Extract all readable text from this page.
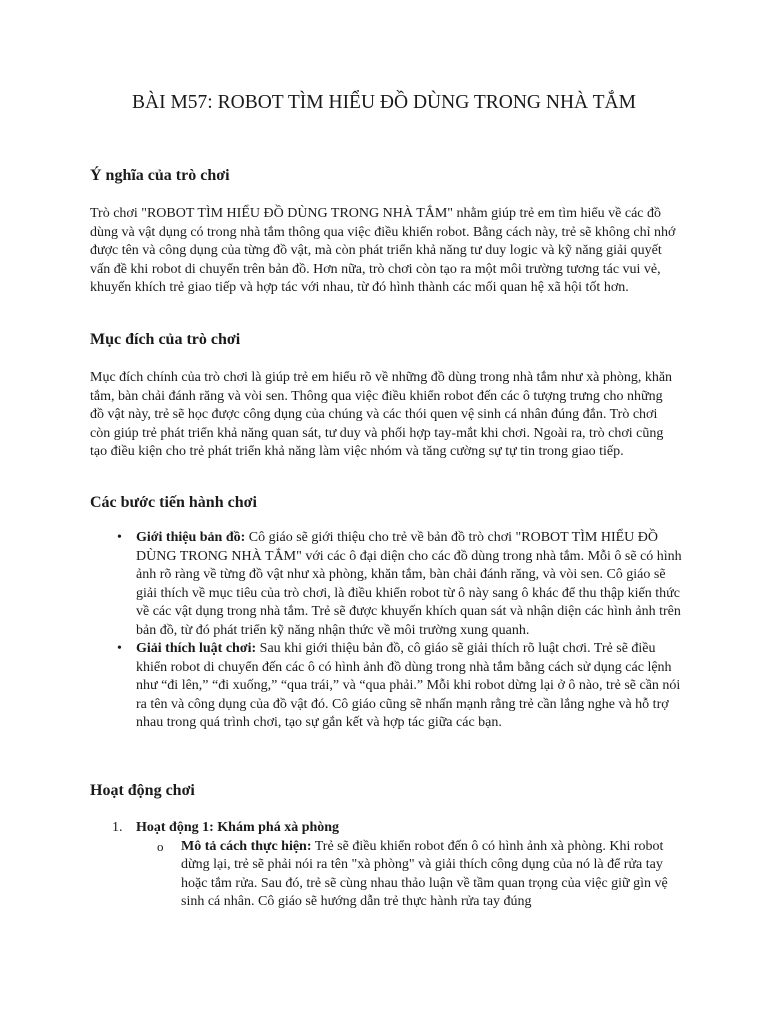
BÀI M57: ROBOT TÌM HIỂU ĐỒ DÙNG TRONG NHÀ TẮM
Ý nghĩa của trò chơi

Trò chơi "ROBOT TÌM HIỂU ĐỒ DÙNG TRONG NHÀ TẮM" nhằm giúp trẻ em tìm hiểu về các đồ dùng và vật dụng có trong nhà tắm thông qua việc điều khiển robot. Bằng cách này, trẻ sẽ không chỉ nhớ được tên và công dụng của từng đồ vật, mà còn phát triển khả năng tư duy logic và kỹ năng giải quyết vấn đề khi robot di chuyển trên bản đồ. Hơn nữa, trò chơi còn tạo ra một môi trường tương tác vui vẻ, khuyến khích trẻ giao tiếp và hợp tác với nhau, từ đó hình thành các mối quan hệ xã hội tốt hơn.

Mục đích của trò chơi

Mục đích chính của trò chơi là giúp trẻ em hiểu rõ về những đồ dùng trong nhà tắm như xà phòng, khăn tắm, bàn chải đánh răng và vòi sen. Thông qua việc điều khiển robot đến các ô tượng trưng cho những đồ vật này, trẻ sẽ học được công dụng của chúng và các thói quen vệ sinh cá nhân đúng đắn. Trò chơi còn giúp trẻ phát triển khả năng quan sát, tư duy và phối hợp tay-mắt khi chơi. Ngoài ra, trò chơi cũng tạo điều kiện cho trẻ phát triển khả năng làm việc nhóm và tăng cường sự tự tin trong giao tiếp.

Các bước tiến hành chơi
• Giới thiệu bản đồ: Cô giáo sẽ giới thiệu cho trẻ về bản đồ trò chơi "ROBOT TÌM HIỂU ĐỒ DÙNG TRONG NHÀ TẮM" với các ô đại diện cho các đồ dùng trong nhà tắm. Mỗi ô sẽ có hình ảnh rõ ràng về từng đồ vật như xà phòng, khăn tắm, bàn chải đánh răng, và vòi sen. Cô giáo sẽ giải thích về mục tiêu của trò chơi, là điều khiển robot từ ô này sang ô khác để thu thập kiến thức về các vật dụng trong nhà tắm. Trẻ sẽ được khuyến khích quan sát và nhận diện các hình ảnh trên bản đồ, từ đó phát triển kỹ năng nhận thức về môi trường xung quanh.
• Giải thích luật chơi: Sau khi giới thiệu bản đồ, cô giáo sẽ giải thích rõ luật chơi. Trẻ sẽ điều khiển robot di chuyển đến các ô có hình ảnh đồ dùng trong nhà tắm bằng cách sử dụng các lệnh như “đi lên,” “đi xuống,” “qua trái,” và “qua phải.” Mỗi khi robot dừng lại ở ô nào, trẻ sẽ cần nói ra tên và công dụng của đồ vật đó. Cô giáo cũng sẽ nhấn mạnh rằng trẻ cần lắng nghe và hỗ trợ nhau trong quá trình chơi, tạo sự gắn kết và hợp tác giữa các bạn.
Hoạt động chơi
1. Hoạt động 1: Khám phá xà phòng
o Mô tả cách thực hiện: Trẻ sẽ điều khiển robot đến ô có hình ảnh xà phòng. Khi robot dừng lại, trẻ sẽ phải nói ra tên "xà phòng" và giải thích công dụng của nó là để rửa tay hoặc tắm rửa. Sau đó, trẻ sẽ cùng nhau thảo luận về tầm quan trọng của việc giữ gìn vệ sinh cá nhân. Cô giáo sẽ hướng dẫn trẻ thực hành rửa tay đúng
